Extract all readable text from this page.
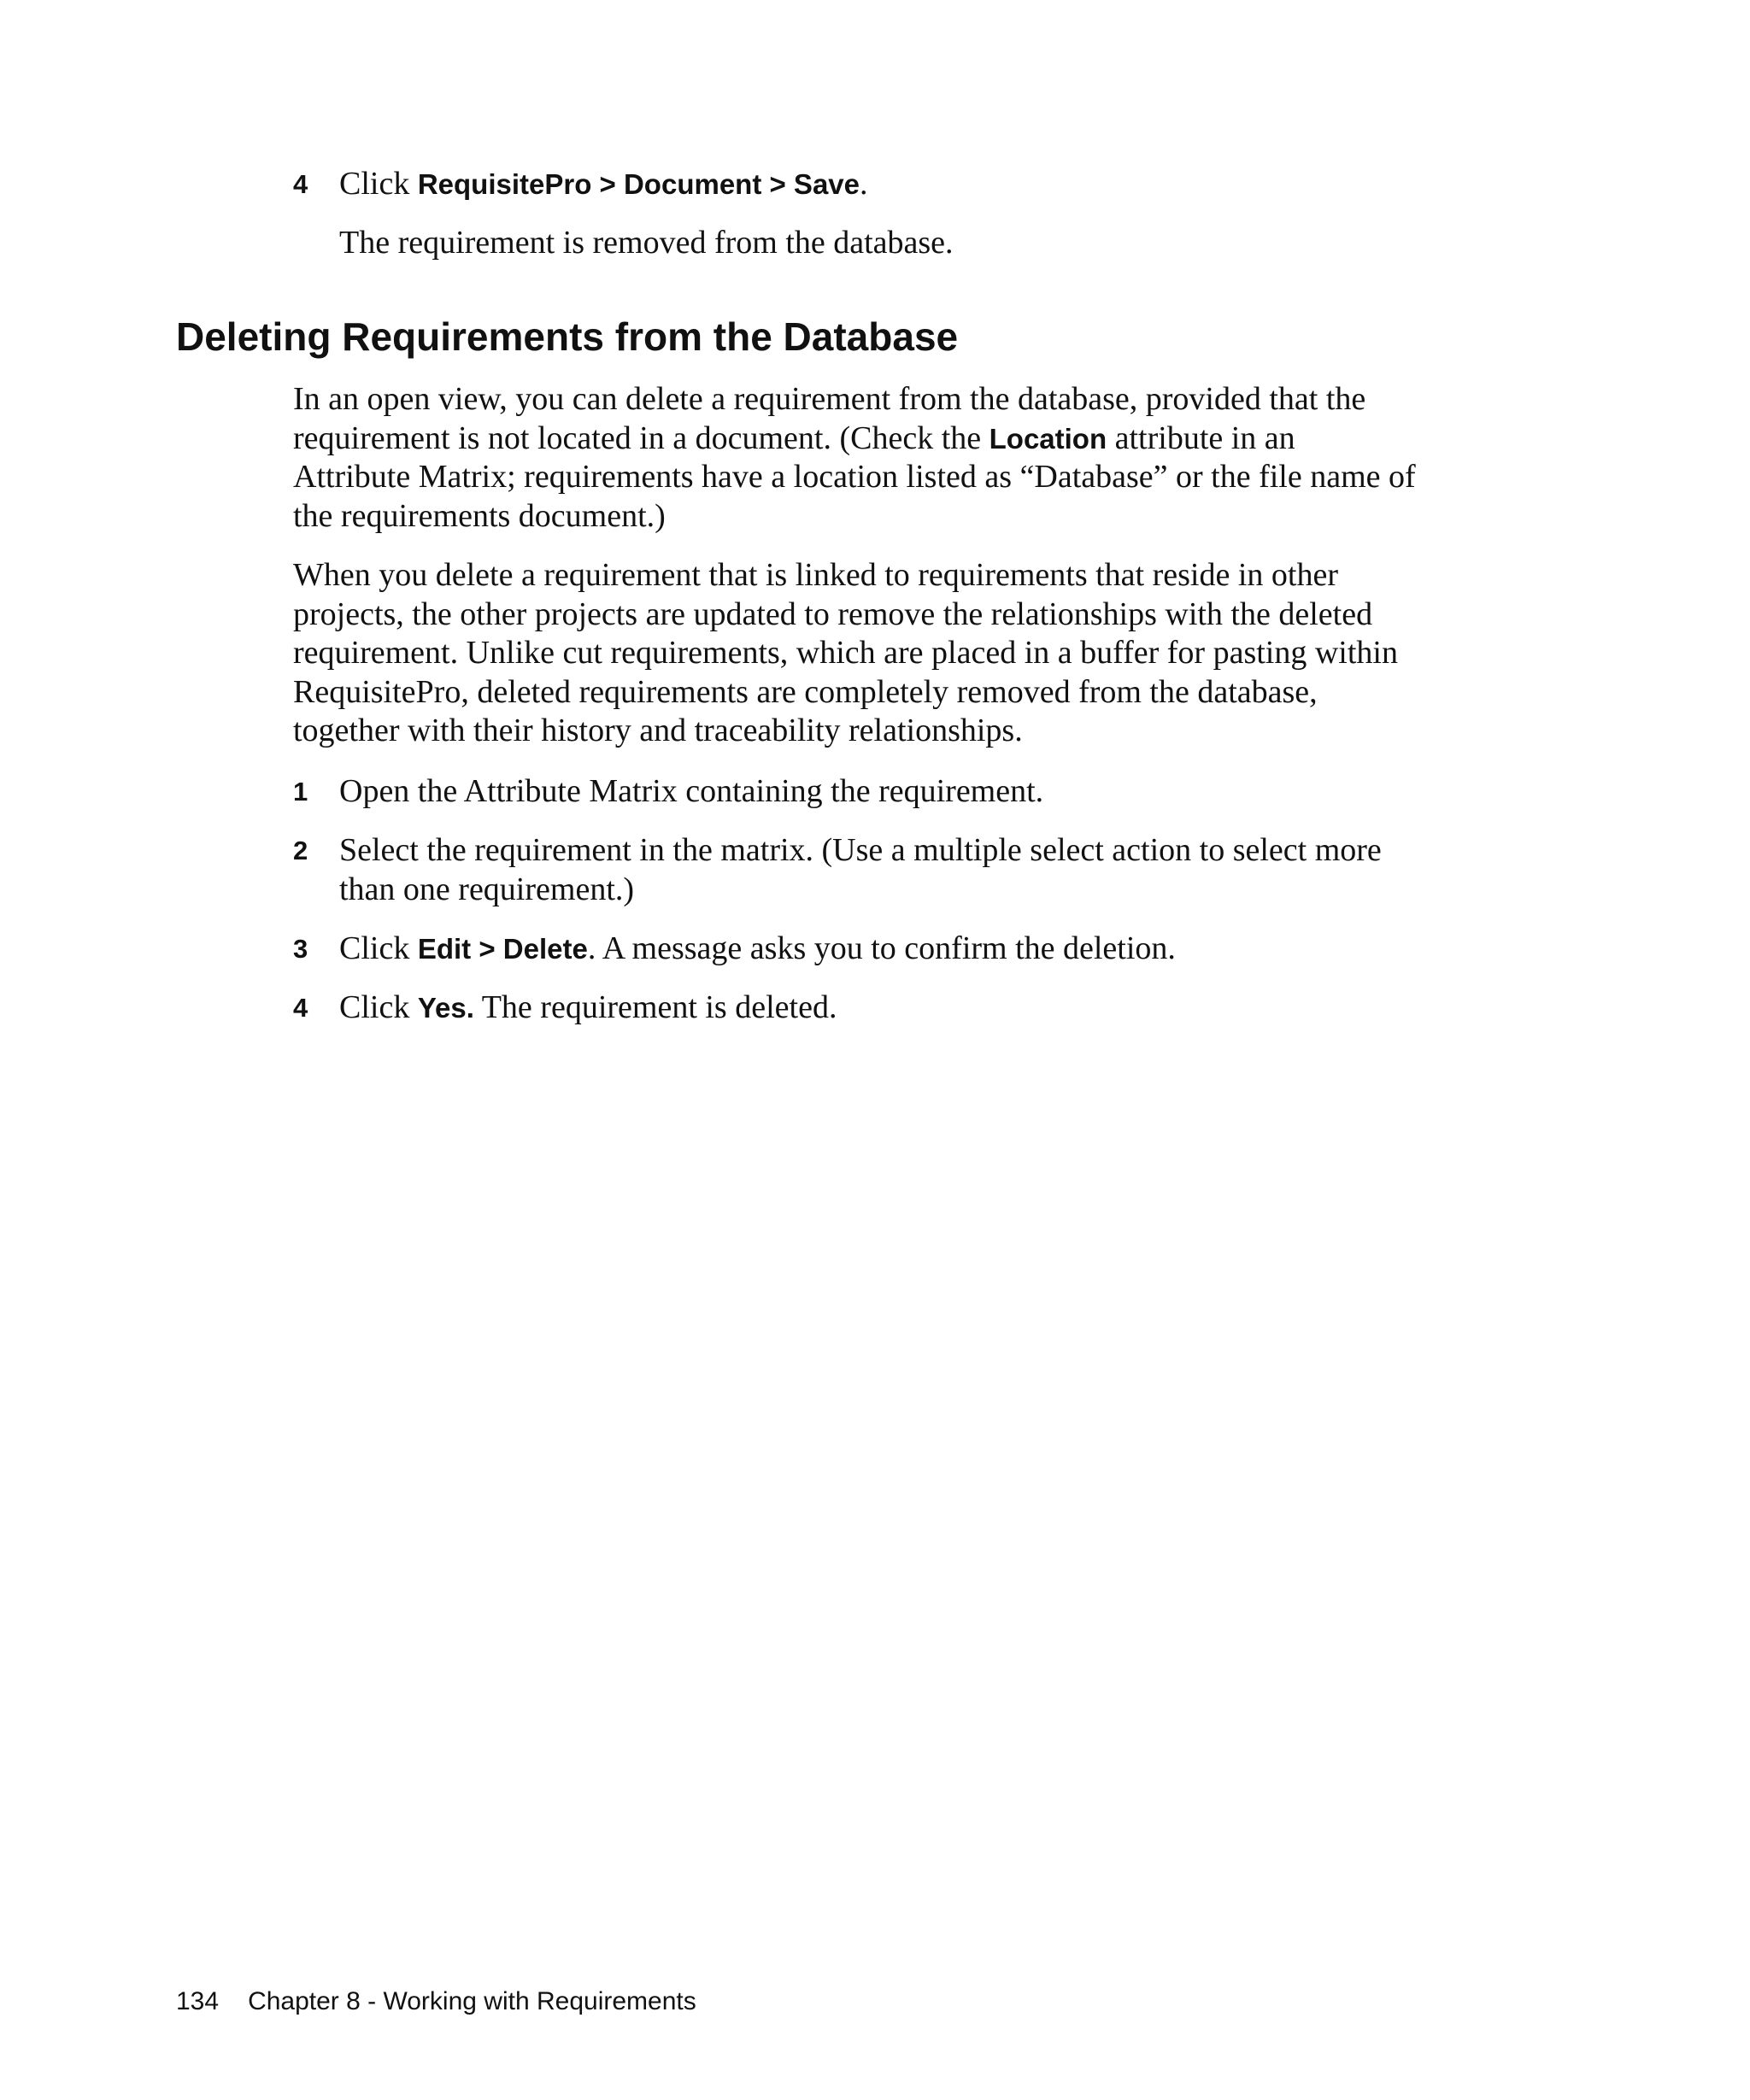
4 Click RequisitePro > Document > Save.
The requirement is removed from the database.
Deleting Requirements from the Database
In an open view, you can delete a requirement from the database, provided that the
requirement is not located in a document. (Check the Location attribute in an
Attribute Matrix; requirements have a location listed as “Database” or the file name of
the requirements document.)
When you delete a requirement that is linked to requirements that reside in other
projects, the other projects are updated to remove the relationships with the deleted
requirement. Unlike cut requirements, which are placed in a buffer for pasting within
RequisitePro, deleted requirements are completely removed from the database,
together with their history and traceability relationships.
1 Open the Attribute Matrix containing the requirement.
2 Select the requirement in the matrix. (Use a multiple select action to select more
than one requirement.)
3 Click Edit > Delete. A message asks you to confirm the deletion.
4 Click Yes. The requirement is deleted.
134 Chapter 8 - Working with Requirements
